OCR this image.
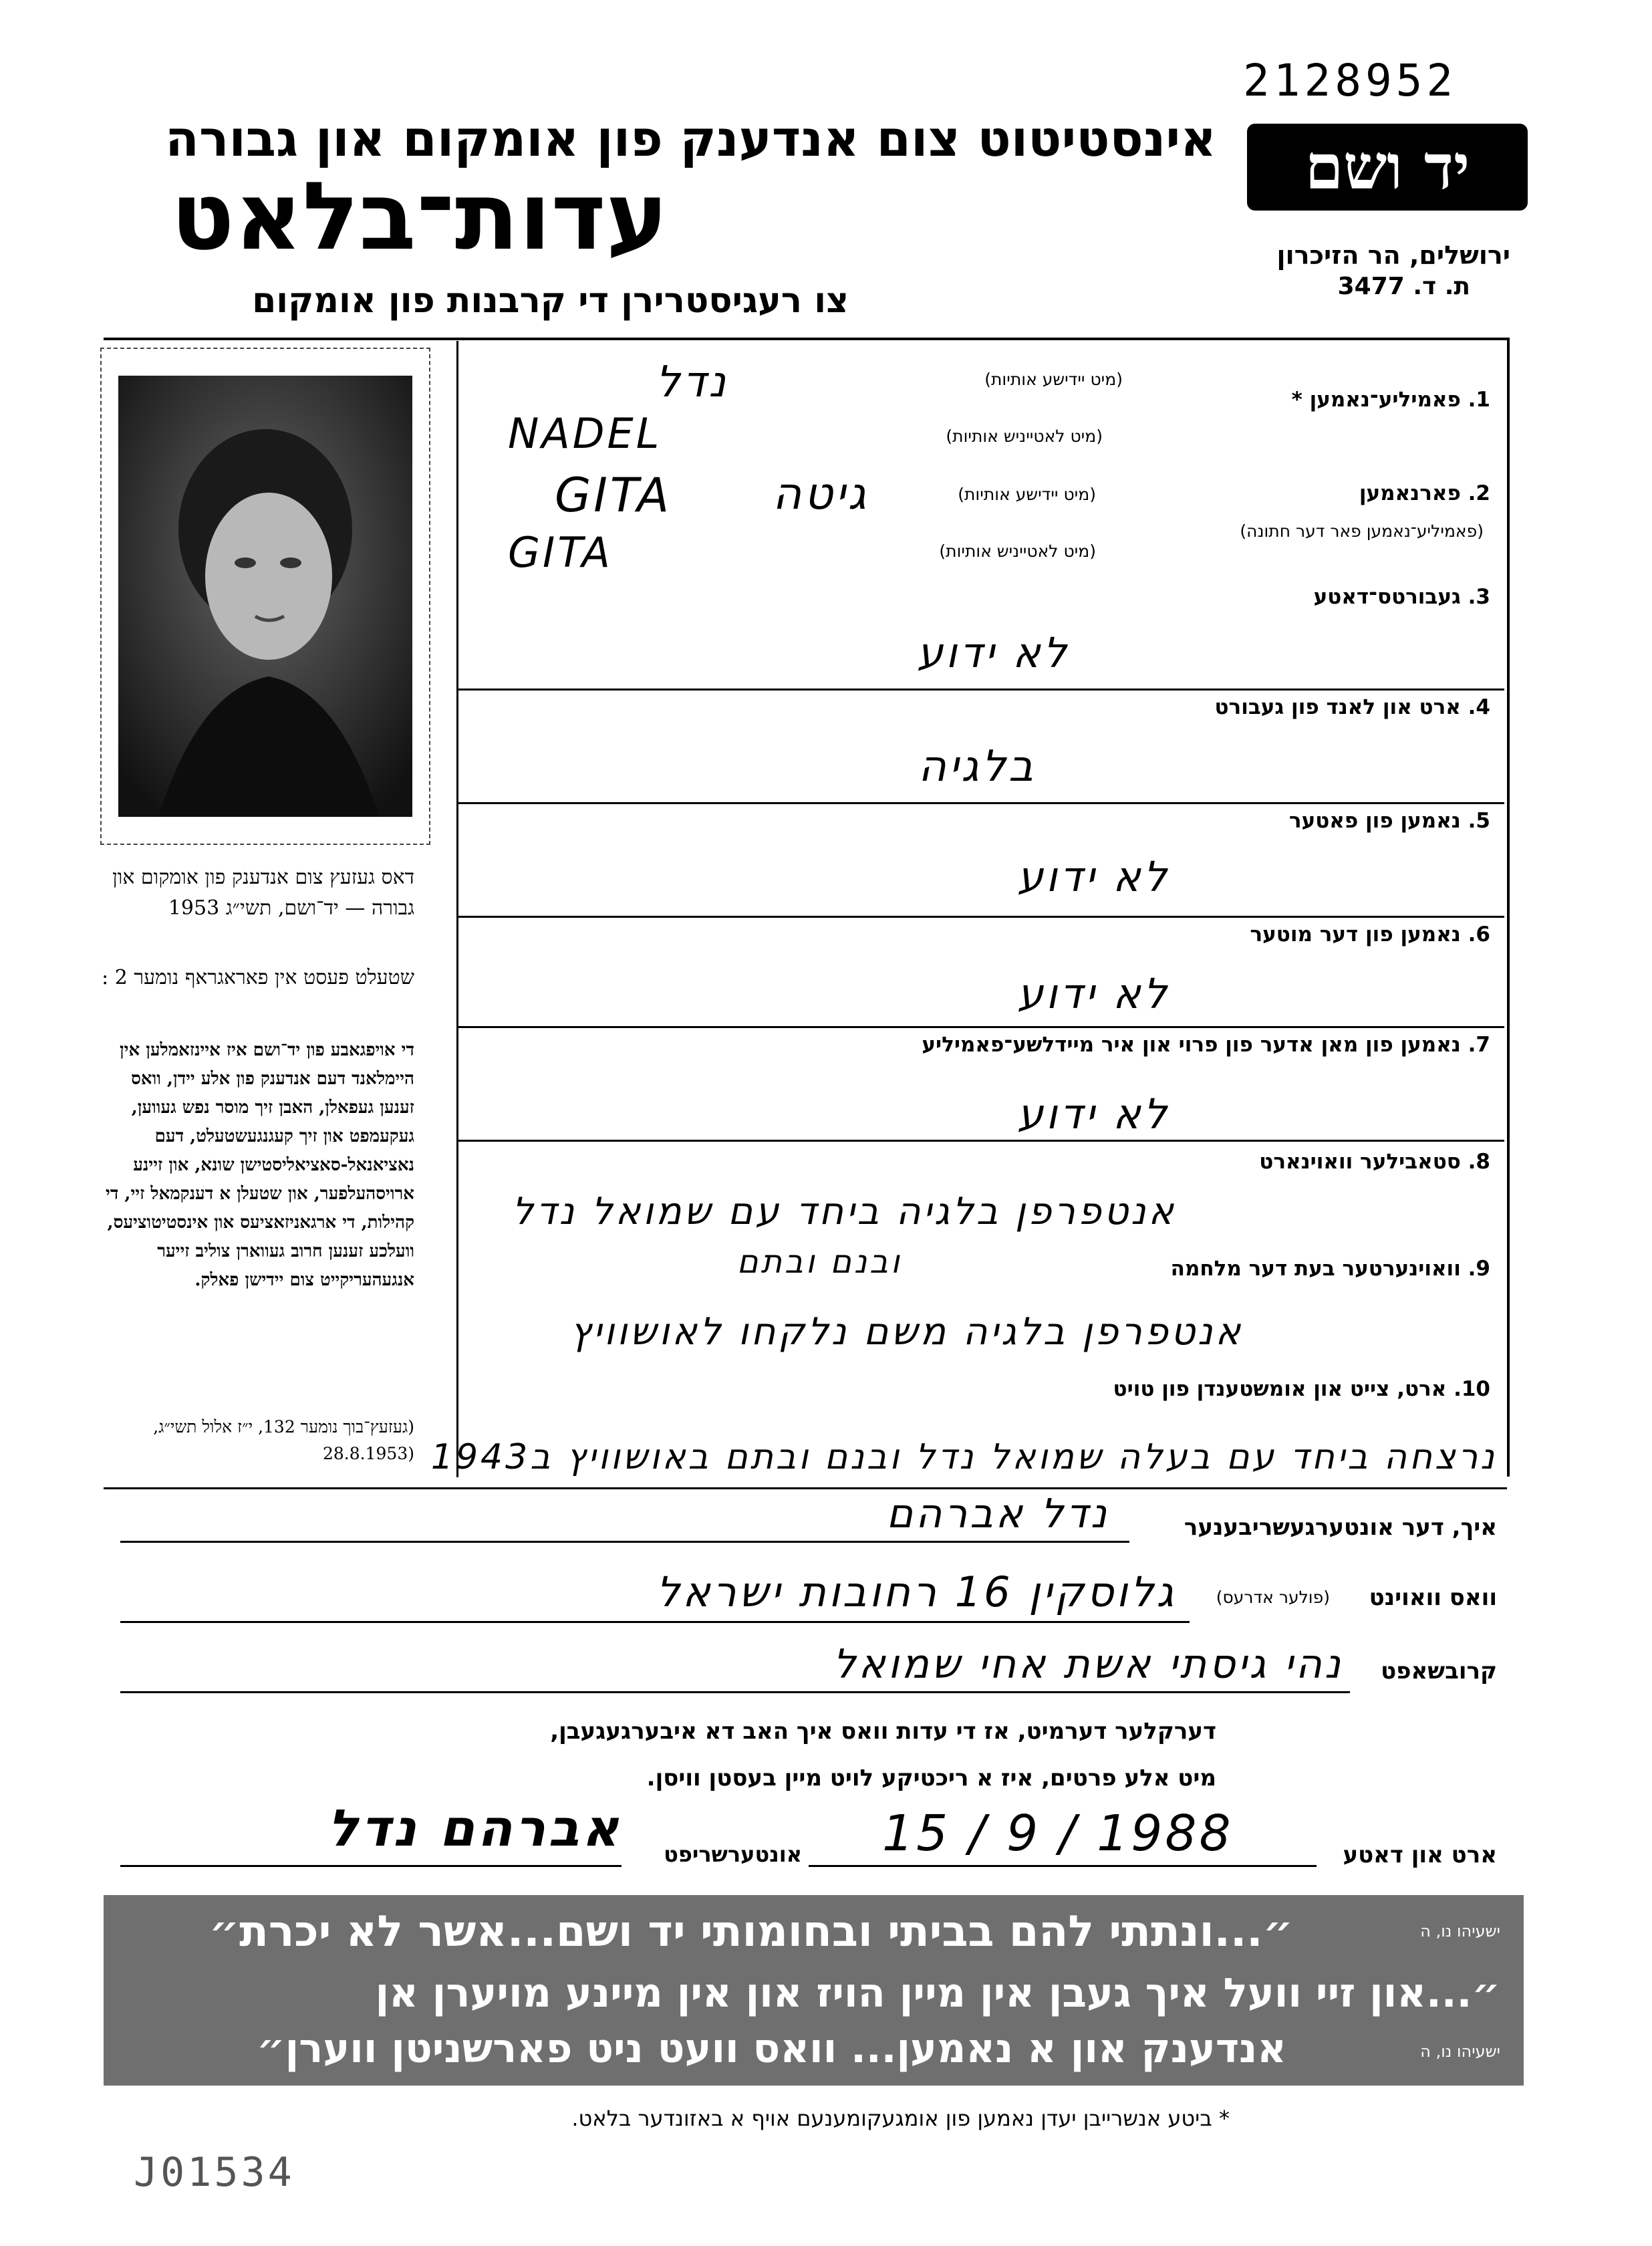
2128952
יד ושם
ירושלים, הר הזיכרון
ת. ד. 3477
אינסטיטוט צום אנדענק פון אומקום און גבורה
עדות־בלאט
צו רעגיסטרירן די קרבנות פון אומקום
דאס געזעץ צום אנדענק פון אומקום און גבורה — יד־ושם, תשי״ג 1953
שטעלט פעסט אין פאראגראף נומער 2 :
די אויפגאבע פון יד־ושם איז איינזאמלען אין היימלאנד דעם אנדענק פון אלע יידן, וואס זענען געפאלן, האבן זיך מוסר נפש געווען, געקעמפט און זיך קעגנגעשטעלט, דעם נאציאנאל-סאציאליסטישן שונא, און זיינע ארויסהעלפער, און שטעלן א דענקמאל זיי, די קהילות, די ארגאניזאציעס און אינסטיטוציעס, וועלכע זענען חרוב געווארן צוליב זייער אנגעהעריקייט צום יידישן פאלק.
(געזעץ־בוך נומער 132, י״ז אלול תשי״ג, (28.8.1953
1. פאמיליע־נאמען *
(מיט יידישע אותיות)
(מיט לאטייניש אותיות)
נדל
NADEL
2. פארנאמען
(פאמיליע־נאמען פאר דער חתונה)
(מיט יידישע אותיות)
(מיט לאטייניש אותיות)
גיטה
GITA
GITA
3. געבורטס־דאטע
לא ידוע
4. ארט און לאנד פון געבורט
בלגיה
5. נאמען פון פאטער
לא ידוע
6. נאמען פון דער מוטער
לא ידוע
7. נאמען פון מאן אדער פון פרוי און איר מיידלשע־פאמיליע
לא ידוע
8. סטאבילער וואוינארט
אנטפרפן בלגיה ביחד עם שמואל נדל
9. וואוינערטער בעת דער מלחמה
ובנם ובתם
אנטפרפן בלגיה משם נלקחו לאושוויץ
10. ארט, צייט און אומשטענדן פון טויט
נרצחה ביחד עם בעלה שמואל נדל ובנם ובתם באושוויץ ב1943
איך, דער אונטערגעשריבענער
נדל אברהם
וואס וואוינט
(פולער אדרעס)
גלוסקין 16 רחובות ישראל
קרובשאפט
נהי גיסתי אשת אחי שמואל
דערקלער דערמיט, אז די עדות וואס איך האב דא איבערגעגעבן,
מיט אלע פרטים, איז א ריכטיקע לויט מיין בעסטן וויסן.
ארט און דאטע
15 / 9 / 1988
אונטערשריפט
אברהם נדל
״...ונתתי להם בביתי ובחומותי יד ושם...אשר לא יכרת״	ישעיהו נו, ה
״...און זיי וועל איך געבן אין מיין הויז און אין מיינע מויערן אן
אנדענק און א נאמען... וואס וועט ניט פארשניטן ווערן״	ישעיהו נו, ה
* ביטע אנשרייבן יעדן נאמען פון אומגעקומענעם אויף א באזונדער בלאט.
J01534
